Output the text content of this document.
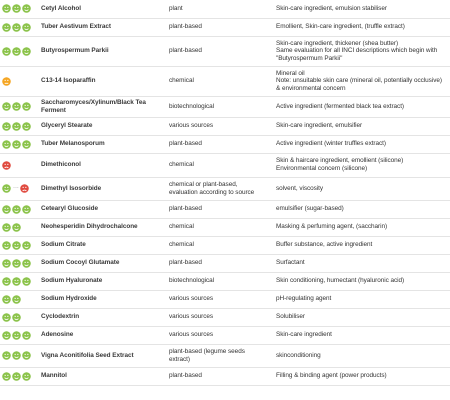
	Cetyl Alcohol	plant	Skin-care ingredient, emulsion stabiliser

	Tuber Aestivum Extract	plant-based	Emollient, Skin-care ingredient, (truffle extract)

	Butyrospermum Parkii	plant-based	Skin-care ingredient, thickener (shea butter)
Same evaluation for all INCI descriptions which begin with
"Butyrospermum Parkii"

	C13-14 Isoparaffin	chemical	Mineral oil
Note: unsuitable skin care (mineral oil, potentially occlusive)
& environmental concern

	Saccharomyces/Xylinum/Black Tea Ferment	biotechnological	Active ingredient (fermented black tea extract)

	Glyceryl Stearate	various sources	Skin-care ingredient, emulsifier

	Tuber Melanosporum	plant-based	Active ingredient (winter truffles extract)

	Dimethiconol	chemical	Skin & haircare ingredient, emollient (silicone)
Environmental concern (silicone)

···	Dimethyl Isosorbide	chemical or plant-based,
evaluation according to source	solvent, viscosity

	Cetearyl Glucoside	plant-based	emulsifier (sugar-based)

	Neohesperidin Dihydrochalcone	chemical	Masking & perfuming agent, (saccharin)

	Sodium Citrate	chemical	Buffer substance, active ingredient

	Sodium Cocoyl Glutamate	plant-based	Surfactant

	Sodium Hyaluronate	biotechnological	Skin conditioning, humectant (hyaluronic acid)

	Sodium Hydroxide	various sources	pH-regulating agent

	Cyclodextrin	various sources	Solubiliser

	Adenosine	various sources	Skin-care ingredient

	Vigna Aconitifolia Seed Extract	plant-based (legume seeds
extract)	skinconditioning

	Mannitol	plant-based	Filling & binding agent (power products)
